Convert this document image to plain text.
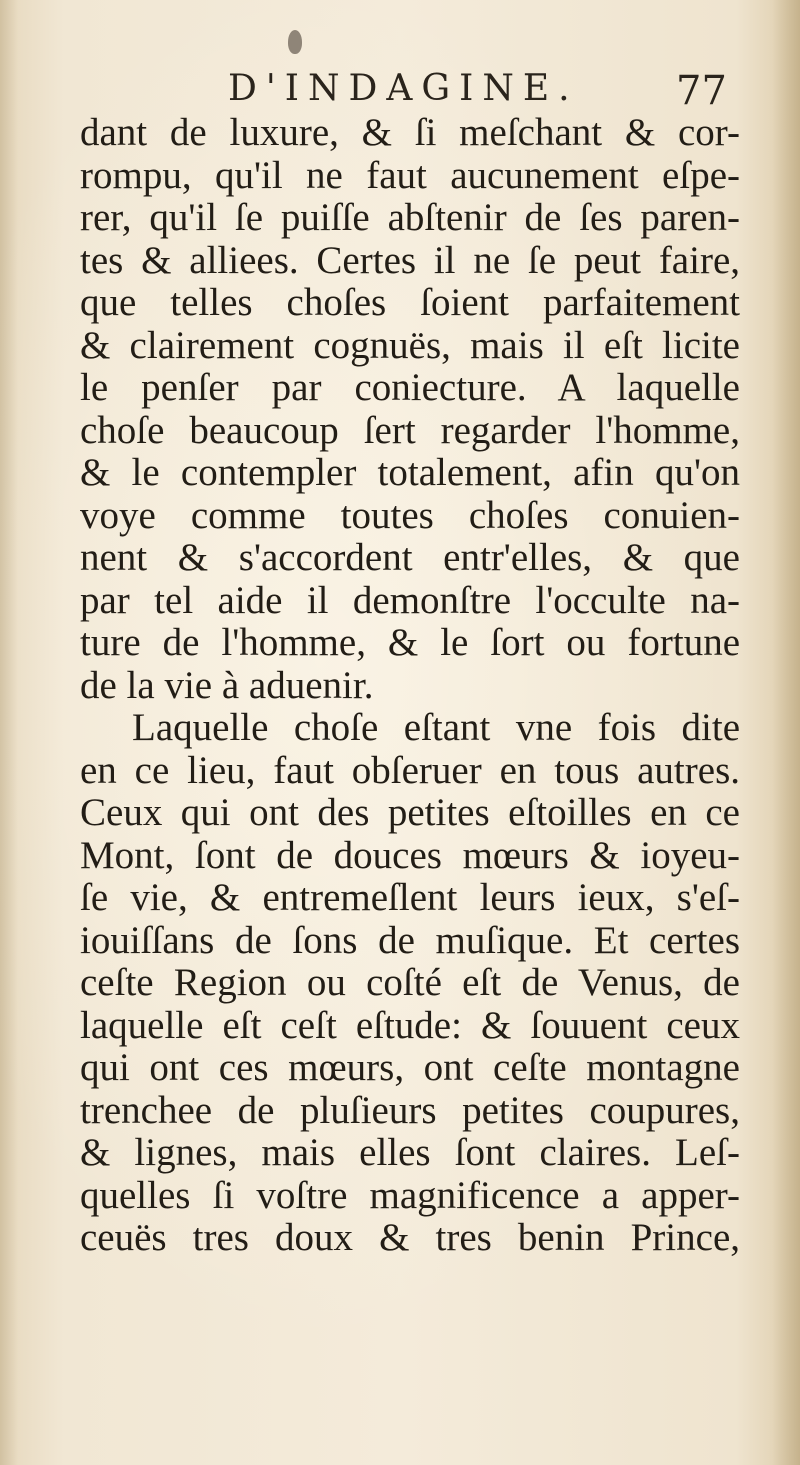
D'INDAGINE. 77
dant de luxure, & ſi meſchant & cor-
rompu, qu'il ne faut aucunement eſpe-
rer, qu'il ſe puiſſe abſtenir de ſes paren-
tes & alliees. Certes il ne ſe peut faire,
que telles choſes ſoient parfaitement
& clairement cognuës, mais il eſt licite
le penſer par coniecture. A laquelle
choſe beaucoup ſert regarder l'homme,
& le contempler totalement, afin qu'on
voye comme toutes choſes conuien-
nent & s'accordent entr'elles, & que
par tel aide il demonſtre l'occulte na-
ture de l'homme, & le ſort ou fortune
de la vie à aduenir.
Laquelle choſe eſtant vne fois dite
en ce lieu, faut obſeruer en tous autres.
Ceux qui ont des petites eſtoilles en ce
Mont, ſont de douces mœurs & ioyeu-
ſe vie, & entremeſlent leurs ieux, s'eſ-
iouiſſans de ſons de muſique. Et certes
ceſte Region ou coſté eſt de Venus, de
laquelle eſt ceſt eſtude: & ſouuent ceux
qui ont ces mœurs, ont ceſte montagne
trenchee de pluſieurs petites coupures,
& lignes, mais elles ſont claires. Leſ-
quelles ſi voſtre magnificence a apper-
ceuës tres doux & tres benin Prince,
